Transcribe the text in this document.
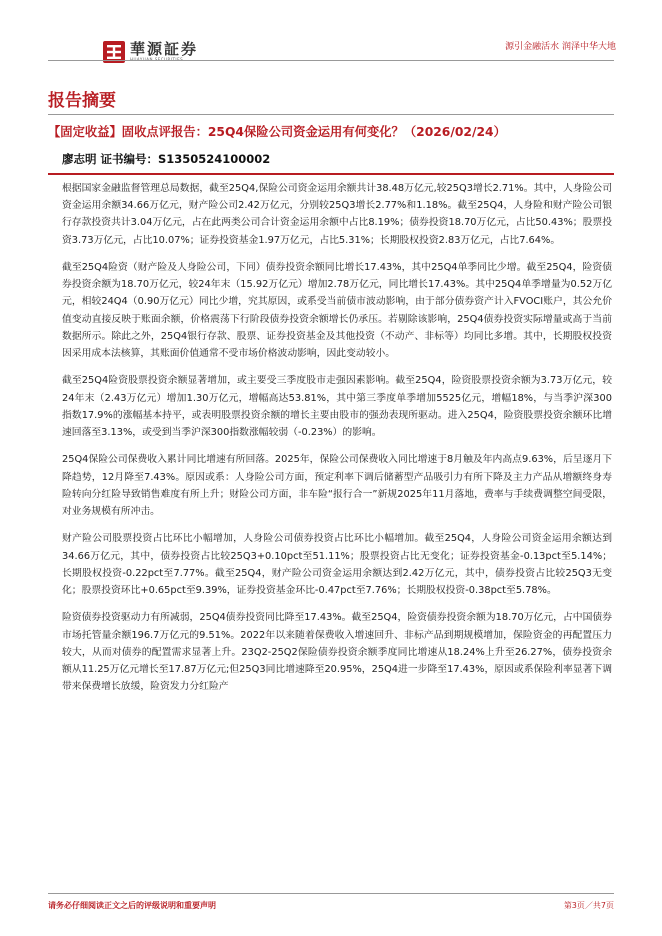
華源証券	源引金融活水 润泽中华大地
报告摘要
【固定收益】固收点评报告：25Q4保险公司资金运用有何变化？（2026/02/24）
廖志明 证书编号：S1350524100002

根据国家金融监督管理总局数据，截至25Q4,保险公司资金运用余额共计38.48万亿元,较25Q3增长2.71%。其中，人身险公司资金运用余额34.66万亿元，财产险公司2.42万亿元，分别较25Q3增长2.77%和1.18%。截至25Q4，人身险和财产险公司银行存款投资共计3.04万亿元，占在此两类公司合计资金运用余额中占比8.19%；债券投资18.70万亿元，占比50.43%；股票投资3.73万亿元，占比10.07%；证券投资基金1.97万亿元，占比5.31%；长期股权投资2.83万亿元，占比7.64%。

截至25Q4险资（财产险及人身险公司，下同）债券投资余额同比增长17.43%，其中25Q4单季同比少增。截至25Q4，险资债券投资余额为18.70万亿元，较24年末（15.92万亿元）增加2.78万亿元，同比增长17.43%。其中25Q4单季增量为0.52万亿元，相较24Q4（0.90万亿元）同比少增，究其原因，或系受当前债市波动影响，由于部分债券资产计入FVOCI账户，其公允价值变动直接反映于账面余额，价格震荡下行阶段债券投资余额增长仍承压。若剔除该影响，25Q4债券投资实际增量或高于当前数据所示。除此之外，25Q4银行存款、股票、证券投资基金及其他投资（不动产、非标等）均同比多增。其中，长期股权投资因采用成本法核算，其账面价值通常不受市场价格波动影响，因此变动较小。

截至25Q4险资股票投资余额显著增加，或主要受三季度股市走强因素影响。截至25Q4，险资股票投资余额为3.73万亿元，较24年末（2.43万亿元）增加1.30万亿元，增幅高达53.81%，其中第三季度单季增加5525亿元，增幅18%，与当季沪深300指数17.9%的涨幅基本持平，或表明股票投资余额的增长主要由股市的强劲表现所驱动。进入25Q4，险资股票投资余额环比增速回落至3.13%，或受到当季沪深300指数涨幅较弱（-0.23%）的影响。

25Q4保险公司保费收入累计同比增速有所回落。2025年，保险公司保费收入同比增速于8月触及年内高点9.63%，后呈逐月下降趋势，12月降至7.43%。原因或系：人身险公司方面，预定利率下调后储蓄型产品吸引力有所下降及主力产品从增额终身寿险转向分红险导致销售难度有所上升；财险公司方面，非车险“报行合一”新规2025年11月落地，费率与手续费调整空间受限，对业务规模有所冲击。

财产险公司股票投资占比环比小幅增加，人身险公司债券投资占比环比小幅增加。截至25Q4，人身险公司资金运用余额达到34.66万亿元，其中，债券投资占比较25Q3+0.10pct至51.11%；股票投资占比无变化；证券投资基金-0.13pct至5.14%；长期股权投资-0.22pct至7.77%。截至25Q4，财产险公司资金运用余额达到2.42万亿元，其中，债券投资占比较25Q3无变化；股票投资环比+0.65pct至9.39%，证券投资基金环比-0.47pct至7.76%；长期股权投资-0.38pct至5.78%。

险资债券投资驱动力有所减弱，25Q4债券投资同比降至17.43%。截至25Q4，险资债券投资余额为18.70万亿元，占中国债券市场托管量余额196.7万亿元的9.51%。2022年以来随着保费收入增速回升、非标产品到期规模增加，保险资金的再配置压力较大，从而对债券的配置需求显著上升。23Q2-25Q2保险债券投资余额季度同比增速从18.24%上升至26.27%，债券投资余额从11.25万亿元增长至17.87万亿元;但25Q3同比增速降至20.95%，25Q4进一步降至17.43%，原因或系保险利率显著下调带来保费增长放缓，险资发力分红险产

请务必仔细阅读正文之后的评级说明和重要声明	第3页／共7页
